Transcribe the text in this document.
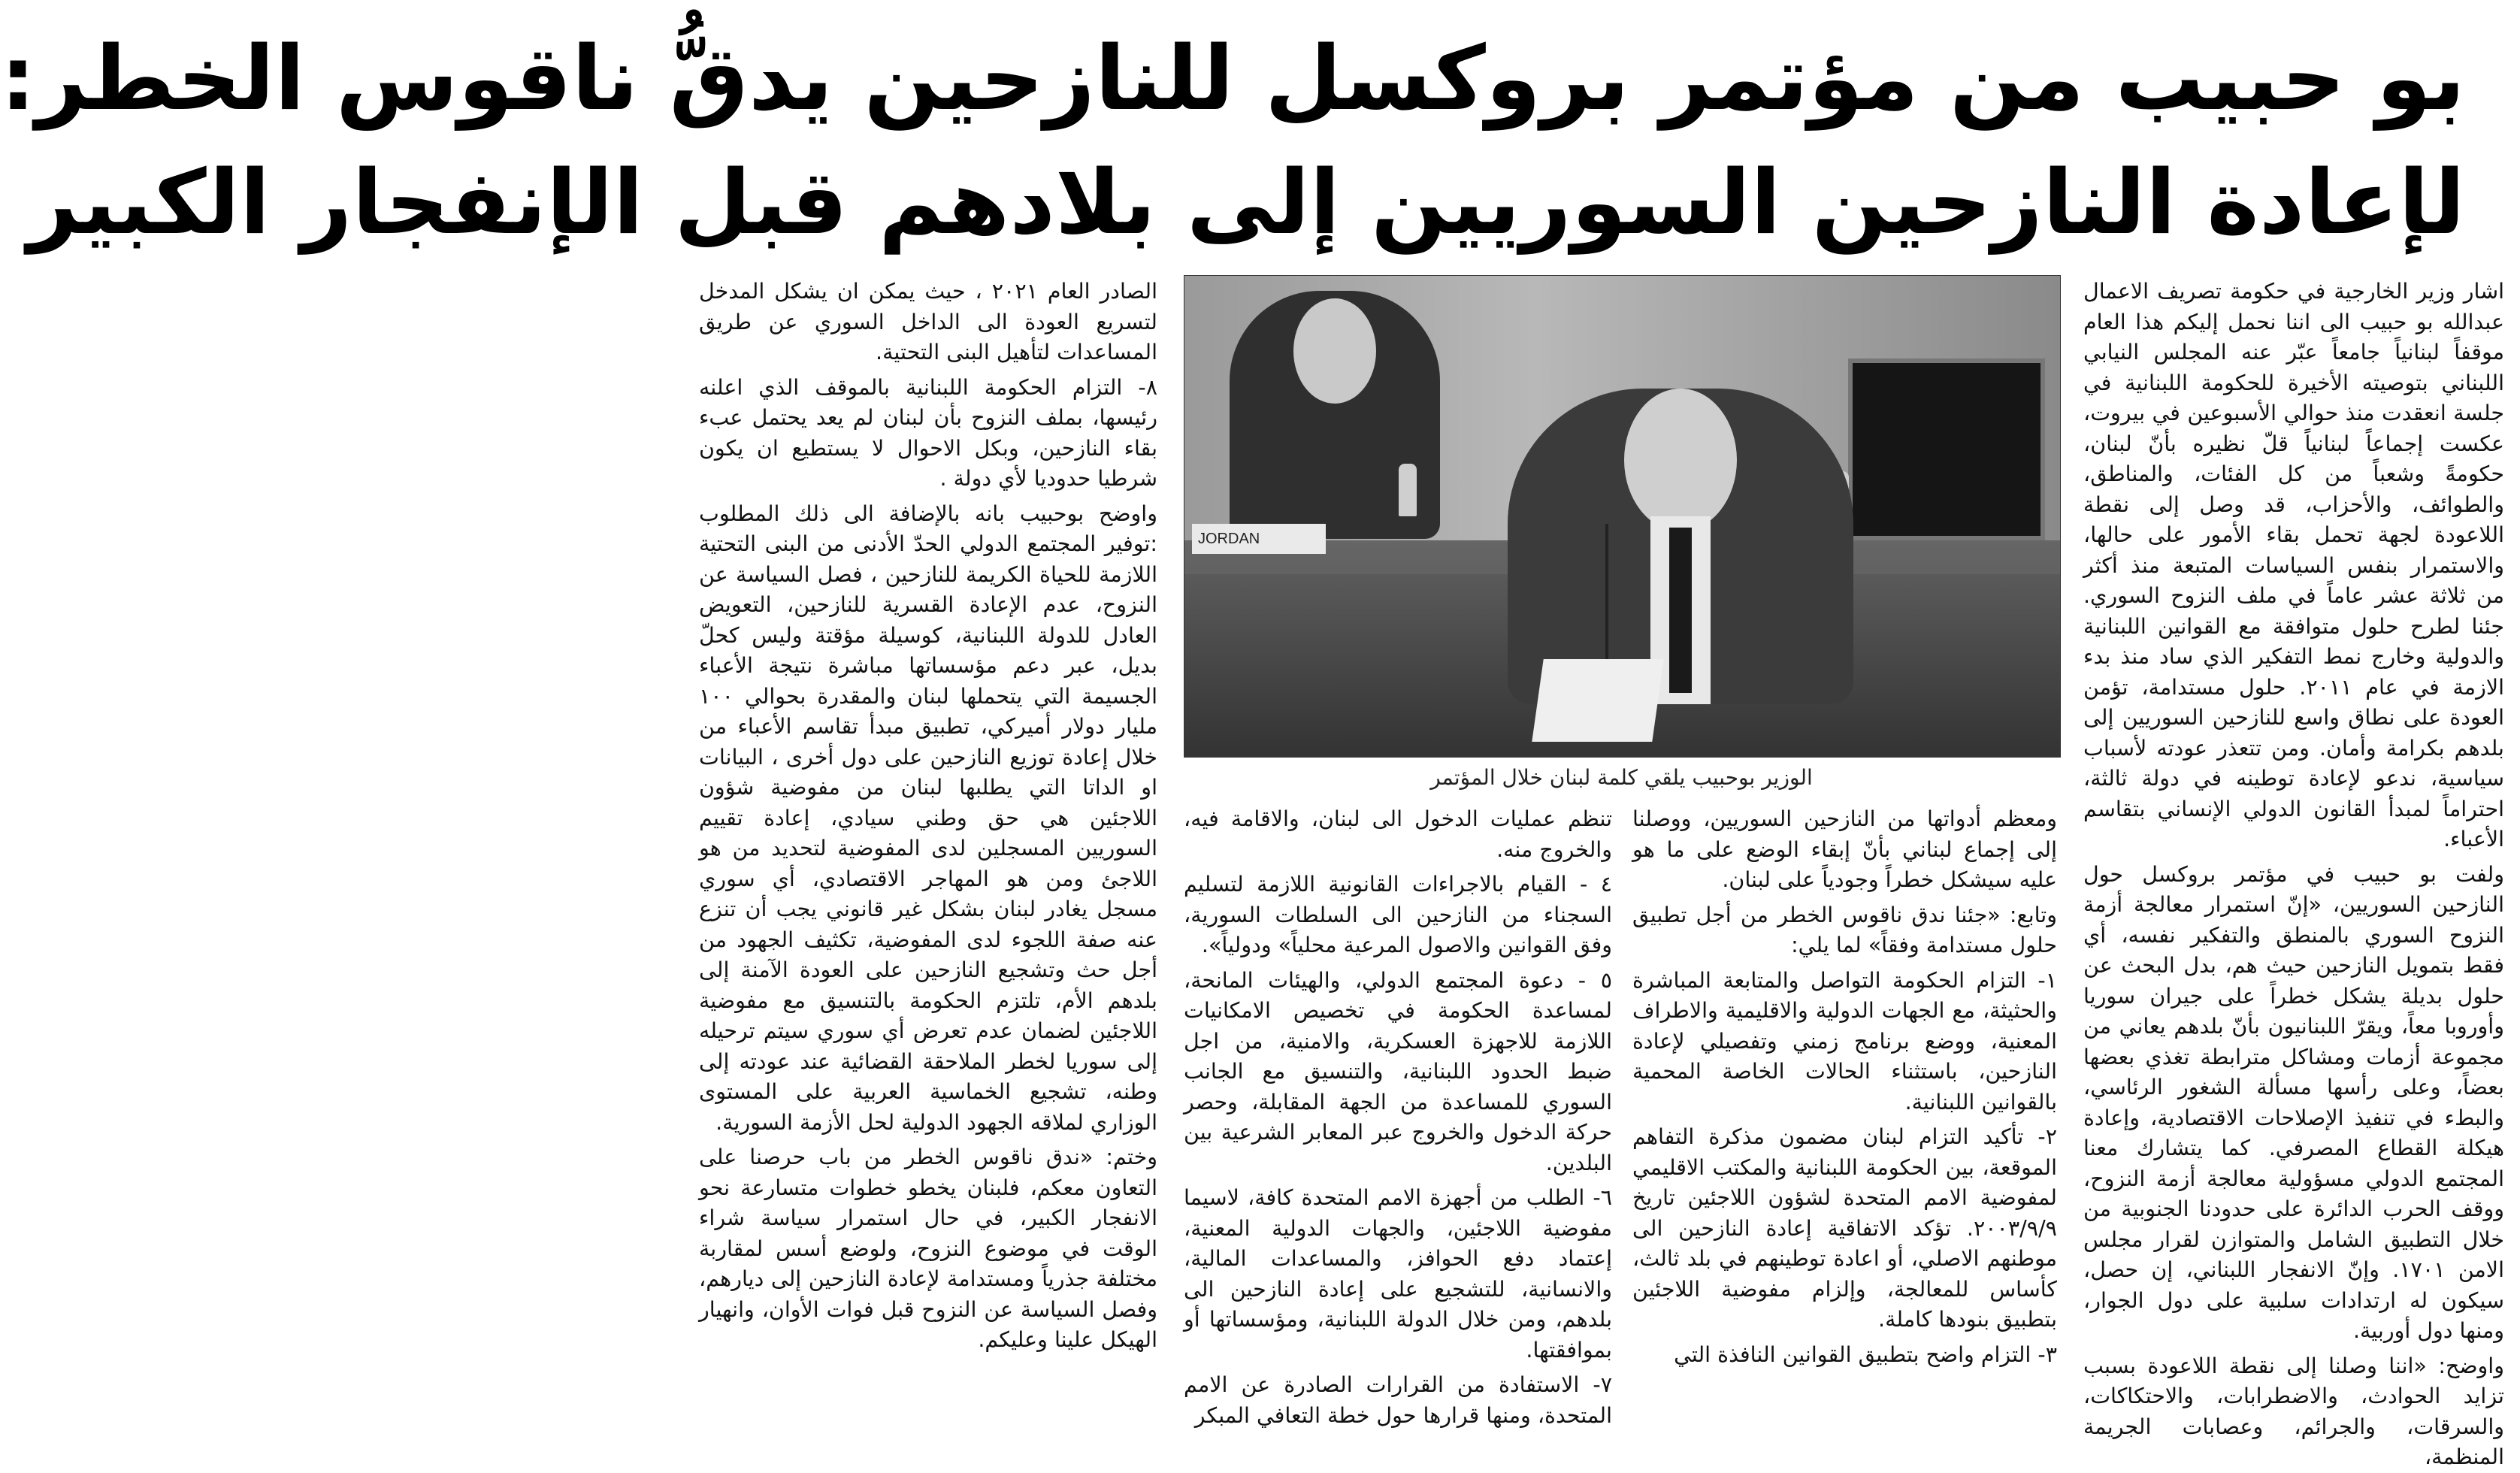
بو حبيب من مؤتمر بروكسل للنازحين يدقُّ ناقوس الخطر:
لإعادة النازحين السوريين إلى بلادهم قبل الإنفجار الكبير

اشار وزير الخارجية في حكومة تصريف الاعمال عبدالله بو حبيب الى اننا نحمل إليكم هذا العام موقفاً لبنانياً جامعاً عبّر عنه المجلس النيابي اللبناني بتوصيته الأخيرة للحكومة اللبنانية في جلسة انعقدت منذ حوالي الأسبوعين في بيروت، عكست إجماعاً لبنانياً قلّ نظيره بأنّ لبنان، حكومةً وشعباً من كل الفئات، والمناطق، والطوائف، والأحزاب، قد وصل إلى نقطة اللاعودة لجهة تحمل بقاء الأمور على حالها، والاستمرار بنفس السياسات المتبعة منذ أكثر من ثلاثة عشر عاماً في ملف النزوح السوري. جئنا لطرح حلول متوافقة مع القوانين اللبنانية والدولية وخارج نمط التفكير الذي ساد منذ بدء الازمة في عام ٢٠١١. حلول مستدامة، تؤمن العودة على نطاق واسع للنازحين السوريين إلى بلدهم بكرامة وأمان. ومن تتعذر عودته لأسباب سياسية، ندعو لإعادة توطينه في دولة ثالثة، احتراماً لمبدأ القانون الدولي الإنساني بتقاسم الأعباء.

ولفت بو حبيب في مؤتمر بروكسل حول النازحين السوريين، «إنّ استمرار معالجة أزمة النزوح السوري بالمنطق والتفكير نفسه، أي فقط بتمويل النازحين حيث هم، بدل البحث عن حلول بديلة يشكل خطراً على جيران سوريا وأوروبا معاً، ويقرّ اللبنانيون بأنّ بلدهم يعاني من مجموعة أزمات ومشاكل مترابطة تغذي بعضها بعضاً، وعلى رأسها مسألة الشغور الرئاسي، والبطء في تنفيذ الإصلاحات الاقتصادية، وإعادة هيكلة القطاع المصرفي. كما يتشارك معنا المجتمع الدولي مسؤولية معالجة أزمة النزوح، ووقف الحرب الدائرة على حدودنا الجنوبية من خلال التطبيق الشامل والمتوازن لقرار مجلس الامن ١٧٠١. وإنّ الانفجار اللبناني، إن حصل، سيكون له ارتدادات سلبية على دول الجوار، ومنها دول أوربية.

واوضح: «اننا وصلنا إلى نقطة اللاعودة بسبب تزايد الحوادث، والاضطرابات، والاحتكاكات، والسرقات، والجرائم، وعصابات الجريمة المنظمة،

JORDAN
الوزير بوحبيب يلقي كلمة لبنان خلال المؤتمر

ومعظم أدواتها من النازحين السوريين، ووصلنا إلى إجماع لبناني بأنّ إبقاء الوضع على ما هو عليه سيشكل خطراً وجودياً على لبنان.

وتابع: «جئنا ندق ناقوس الخطر من أجل تطبيق حلول مستدامة وفقاً» لما يلي:

١- التزام الحكومة التواصل والمتابعة المباشرة والحثيثة، مع الجهات الدولية والاقليمية والاطراف المعنية، ووضع برنامج زمني وتفصيلي لإعادة النازحين، باستثناء الحالات الخاصة المحمية بالقوانين اللبنانية.

٢- تأكيد التزام لبنان مضمون مذكرة التفاهم الموقعة، بين الحكومة اللبنانية والمكتب الاقليمي لمفوضية الامم المتحدة لشؤون اللاجئين تاريخ ٢٠٠٣/٩/٩. تؤكد الاتفاقية إعادة النازحين الى موطنهم الاصلي، أو اعادة توطينهم في بلد ثالث، كأساس للمعالجة، وإلزام مفوضية اللاجئين بتطبيق بنودها كاملة.

٣- التزام واضح بتطبيق القوانين النافذة التي

تنظم عمليات الدخول الى لبنان، والاقامة فيه، والخروج منه.

٤ - القيام بالاجراءات القانونية اللازمة لتسليم السجناء من النازحين الى السلطات السورية، وفق القوانين والاصول المرعية محلياً» ودولياً».

٥ - دعوة المجتمع الدولي، والهيئات المانحة، لمساعدة الحكومة في تخصيص الامكانيات اللازمة للاجهزة العسكرية، والامنية، من اجل ضبط الحدود اللبنانية، والتنسيق مع الجانب السوري للمساعدة من الجهة المقابلة، وحصر حركة الدخول والخروج عبر المعابر الشرعية بين البلدين.

٦- الطلب من أجهزة الامم المتحدة كافة، لاسيما مفوضية اللاجئين، والجهات الدولية المعنية، إعتماد دفع الحوافز، والمساعدات المالية، والانسانية، للتشجيع على إعادة النازحين الى بلدهم، ومن خلال الدولة اللبنانية، ومؤسساتها أو بموافقتها.

٧- الاستفادة من القرارات الصادرة عن الامم المتحدة، ومنها قرارها حول خطة التعافي المبكر

الصادر العام ٢٠٢١ ، حيث يمكن ان يشكل المدخل لتسريع العودة الى الداخل السوري عن طريق المساعدات لتأهيل البنى التحتية.

٨- التزام الحكومة اللبنانية بالموقف الذي اعلنه رئيسها، بملف النزوح بأن لبنان لم يعد يحتمل عبء بقاء النازحين، وبكل الاحوال لا يستطيع ان يكون شرطيا حدوديا لأي دولة .

واوضح بوحبيب بانه بالإضافة الى ذلك المطلوب :توفير المجتمع الدولي الحدّ الأدنى من البنى التحتية اللازمة للحياة الكريمة للنازحين ، فصل السياسة عن النزوح، عدم الإعادة القسرية للنازحين، التعويض العادل للدولة اللبنانية، كوسيلة مؤقتة وليس كحلّ بديل، عبر دعم مؤسساتها مباشرة نتيجة الأعباء الجسيمة التي يتحملها لبنان والمقدرة بحوالي ١٠٠ مليار دولار أميركي، تطبيق مبدأ تقاسم الأعباء من خلال إعادة توزيع النازحين على دول أخرى ، البيانات او الداتا التي يطلبها لبنان من مفوضية شؤون اللاجئين هي حق وطني سيادي، إعادة تقييم السوريين المسجلين لدى المفوضية لتحديد من هو اللاجئ ومن هو المهاجر الاقتصادي، أي سوري مسجل يغادر لبنان بشكل غير قانوني يجب أن تنزع عنه صفة اللجوء لدى المفوضية، تكثيف الجهود من أجل حث وتشجيع النازحين على العودة الآمنة إلى بلدهم الأم، تلتزم الحكومة بالتنسيق مع مفوضية اللاجئين لضمان عدم تعرض أي سوري سيتم ترحيله إلى سوريا لخطر الملاحقة القضائية عند عودته إلى وطنه، تشجيع الخماسية العربية على المستوى الوزاري لملاقه الجهود الدولية لحل الأزمة السورية.

وختم: «ندق ناقوس الخطر من باب حرصنا على التعاون معكم، فلبنان يخطو خطوات متسارعة نحو الانفجار الكبير، في حال استمرار سياسة شراء الوقت في موضوع النزوح، ولوضع أسس لمقاربة مختلفة جذرياً ومستدامة لإعادة النازحين إلى ديارهم، وفصل السياسة عن النزوح قبل فوات الأوان، وانهيار الهيكل علينا وعليكم.
